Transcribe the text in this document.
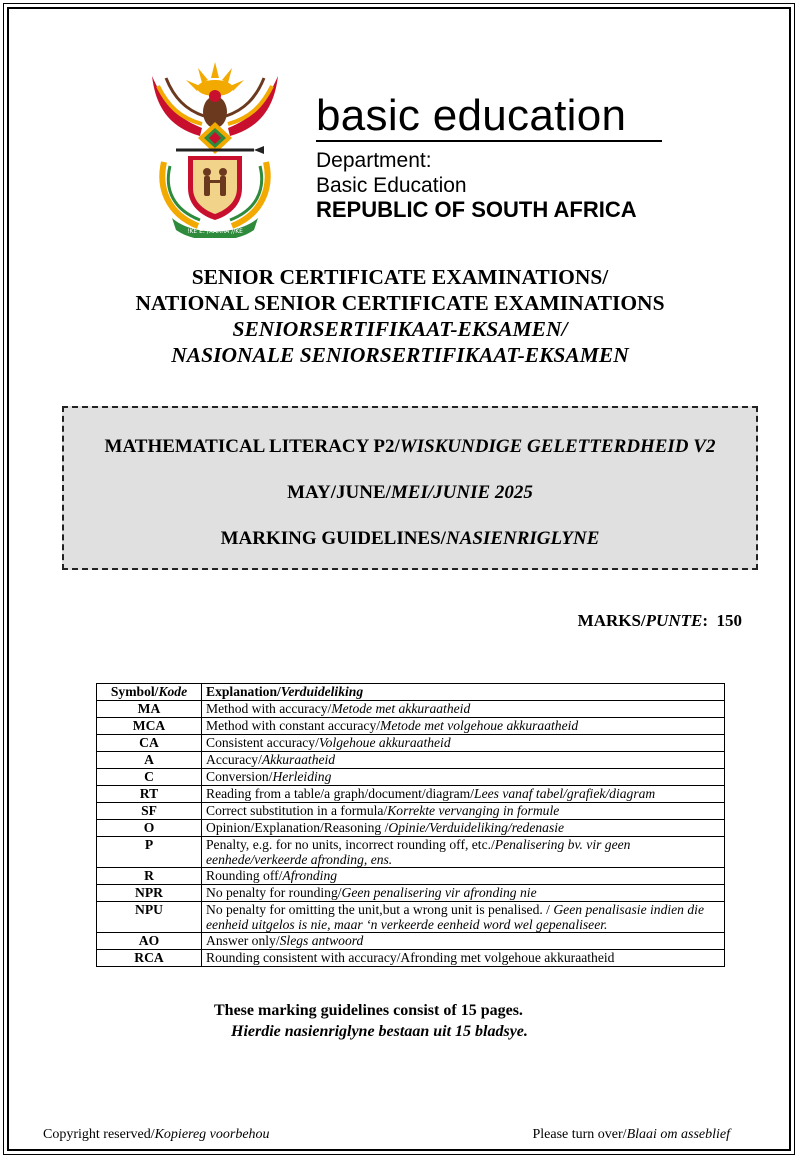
!KE E: /XARRA //KE
basic education
Department:
Basic Education
REPUBLIC OF SOUTH AFRICA
SENIOR CERTIFICATE EXAMINATIONS/
NATIONAL SENIOR CERTIFICATE EXAMINATIONS
SENIORSERTIFIKAAT-EKSAMEN/
NASIONALE SENIORSERTIFIKAAT-EKSAMEN
MATHEMATICAL LITERACY P2/WISKUNDIGE GELETTERDHEID V2
MAY/JUNE/MEI/JUNIE 2025
MARKING GUIDELINES/NASIENRIGLYNE
MARKS/PUNTE:  150
Symbol/Kode	Explanation/Verduideliking
MA	Method with accuracy/Metode met akkuraatheid
MCA	Method with constant accuracy/Metode met volgehoue akkuraatheid
CA	Consistent accuracy/Volgehoue akkuraatheid
A	Accuracy/Akkuraatheid
C	Conversion/Herleiding
RT	Reading from a table/a graph/document/diagram/Lees vanaf tabel/grafiek/diagram
SF	Correct substitution in a formula/Korrekte vervanging in formule
O	Opinion/Explanation/Reasoning /Opinie/Verduideliking/redenasie
P	Penalty, e.g. for no units, incorrect rounding off, etc./Penalisering bv. vir geen eenhede/verkeerde afronding, ens.
R	Rounding off/Afronding
NPR	No penalty for rounding/Geen penalisering vir afronding nie
NPU	No penalty for omitting the unit,but a wrong unit is penalised. / Geen penalisasie indien die eenheid uitgelos is nie, maar ‘n verkeerde eenheid word wel gepenaliseer.
AO	Answer only/Slegs antwoord
RCA	Rounding consistent with accuracy/Afronding met volgehoue akkuraatheid
These marking guidelines consist of 15 pages.
Hierdie nasienriglyne bestaan uit 15 bladsye.
Copyright reserved/Kopiereg voorbehou	Please turn over/Blaai om asseblief
